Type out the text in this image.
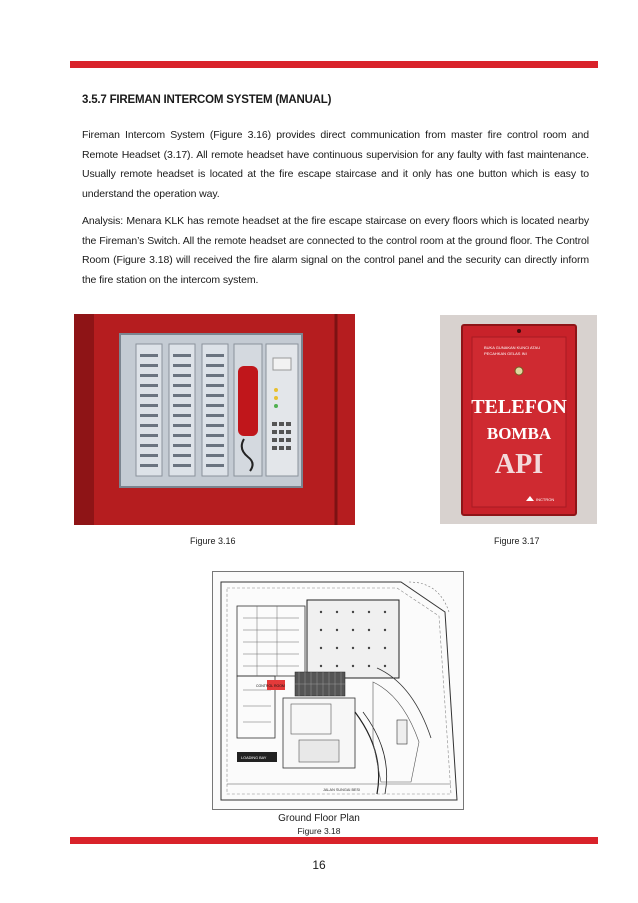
3.5.7 FIREMAN INTERCOM SYSTEM (MANUAL)
Fireman Intercom System (Figure 3.16) provides direct communication from master fire control room and Remote Headset (3.17). All remote headset have continuous supervision for any faulty with fast maintenance. Usually remote headset is located at the fire escape staircase and it only has one button which is easy to understand the operation way.
Analysis: Menara KLK has remote headset at the fire escape staircase on every floors which is located nearby the Fireman’s Switch. All the remote headset are connected to the control room at the ground floor. The Control Room (Figure 3.18) will received the fire alarm signal on the control panel and the security can directly inform the fire station on the intercom system.
BUKA GUNAKAN KUNCI ATAU
PECAHKAN GELAS INI
TELEFON
BOMBA
API
INCTRON
Figure 3.16	Figure 3.17
CONTROL ROOM
LOADING BAY
JALAN SUNGAI BESI
Ground Floor Plan
Figure 3.18
16
